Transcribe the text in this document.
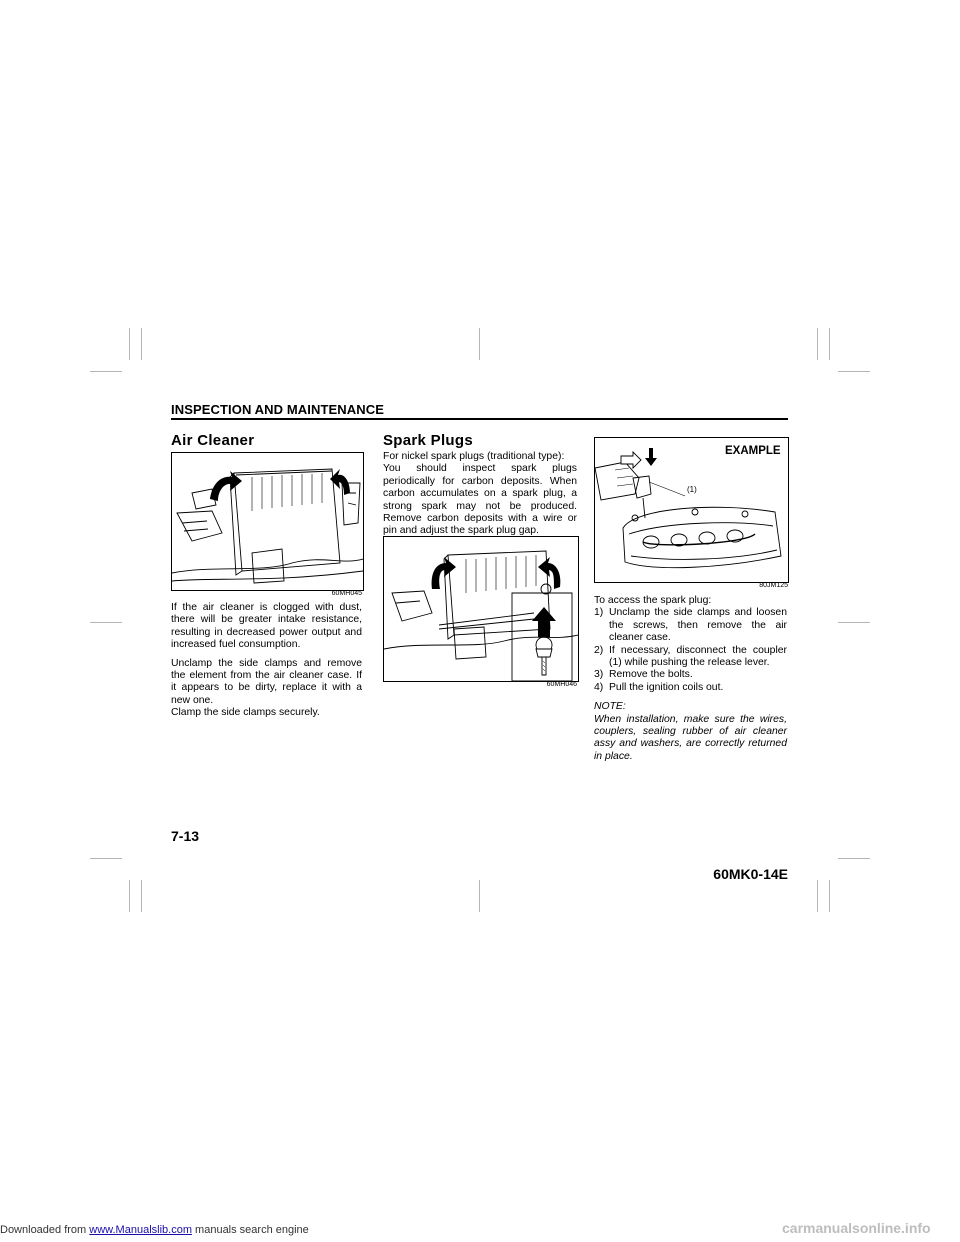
INSPECTION AND MAINTENANCE
Air Cleaner
60MH045

If the air cleaner is clogged with dust, there will be greater intake resistance, resulting in decreased power output and increased fuel consumption.

Unclamp the side clamps and remove the element from the air cleaner case. If it appears to be dirty, replace it with a new one.

Clamp the side clamps securely.

Spark Plugs
For nickel spark plugs (traditional type):
You should inspect spark plugs periodically for carbon deposits. When carbon accumulates on a spark plug, a strong spark may not be produced. Remove carbon deposits with a wire or pin and adjust the spark plug gap.
60MH046
EXAMPLE
(1)
80JM125
To access the spark plug:
1) Unclamp the side clamps and loosen the screws, then remove the air cleaner case.
2) If necessary, disconnect the coupler (1) while pushing the release lever.
3) Remove the bolts.
4) Pull the ignition coils out.
NOTE:
When installation, make sure the wires, couplers, sealing rubber of air cleaner assy and washers, are correctly returned in place.
7-13
60MK0-14E
Downloaded from www.Manualslib.com manuals search engine	carmanualsonline.info
